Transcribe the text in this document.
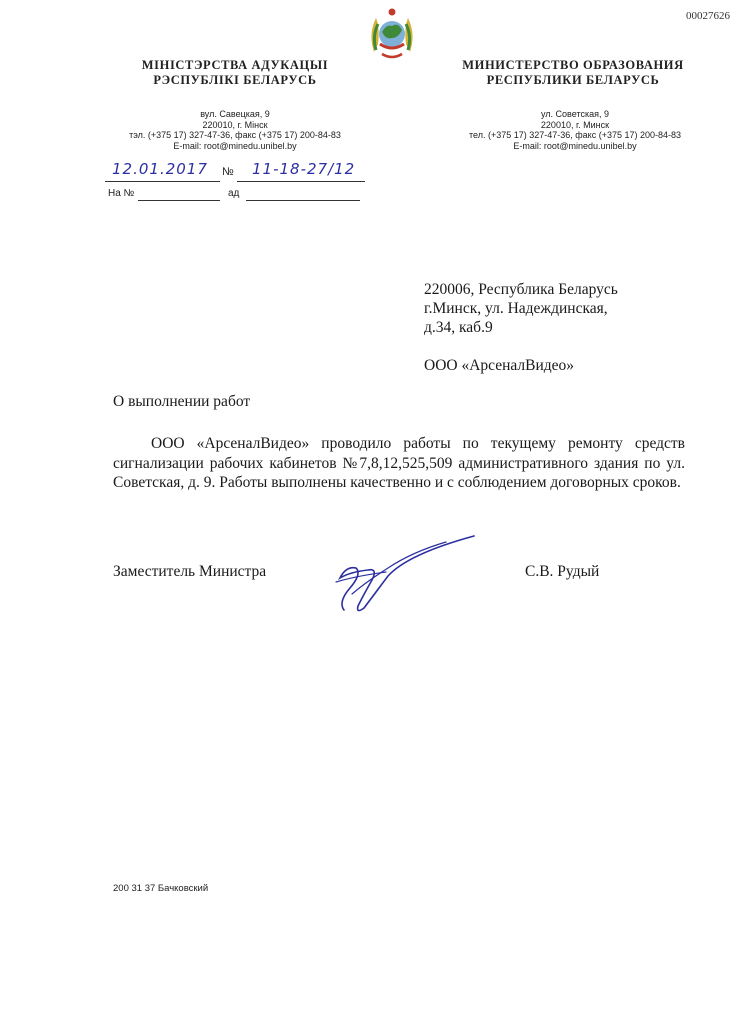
00027626
МІНІСТЭРСТВА АДУКАЦЫІ
РЭСПУБЛІКІ БЕЛАРУСЬ
вул. Савецкая, 9
220010, г. Мінск
тэл. (+375 17) 327-47-36, факс (+375 17) 200-84-83
E-mail: root@minedu.unibel.by
МИНИСТЕРСТВО ОБРАЗОВАНИЯ
РЕСПУБЛИКИ БЕЛАРУСЬ
ул. Советская, 9
220010, г. Минск
тел. (+375 17) 327-47-36, факс (+375 17) 200-84-83
E-mail: root@minedu.unibel.by
12.01.2017 № 11-18-27/12
На №	ад
220006, Республика Беларусь
г.Минск, ул. Надеждинская,
д.34, каб.9
ООО «АрсеналВидео»
О выполнении работ
ООО «АрсеналВидео» проводило работы по текущему ремонту средств сигнализации рабочих кабинетов №7,8,12,525,509 административного здания по ул. Советская, д. 9. Работы выполнены качественно и с соблюдением договорных сроков.
Заместитель Министра	С.В. Рудый
200 31 37 Бачковский
